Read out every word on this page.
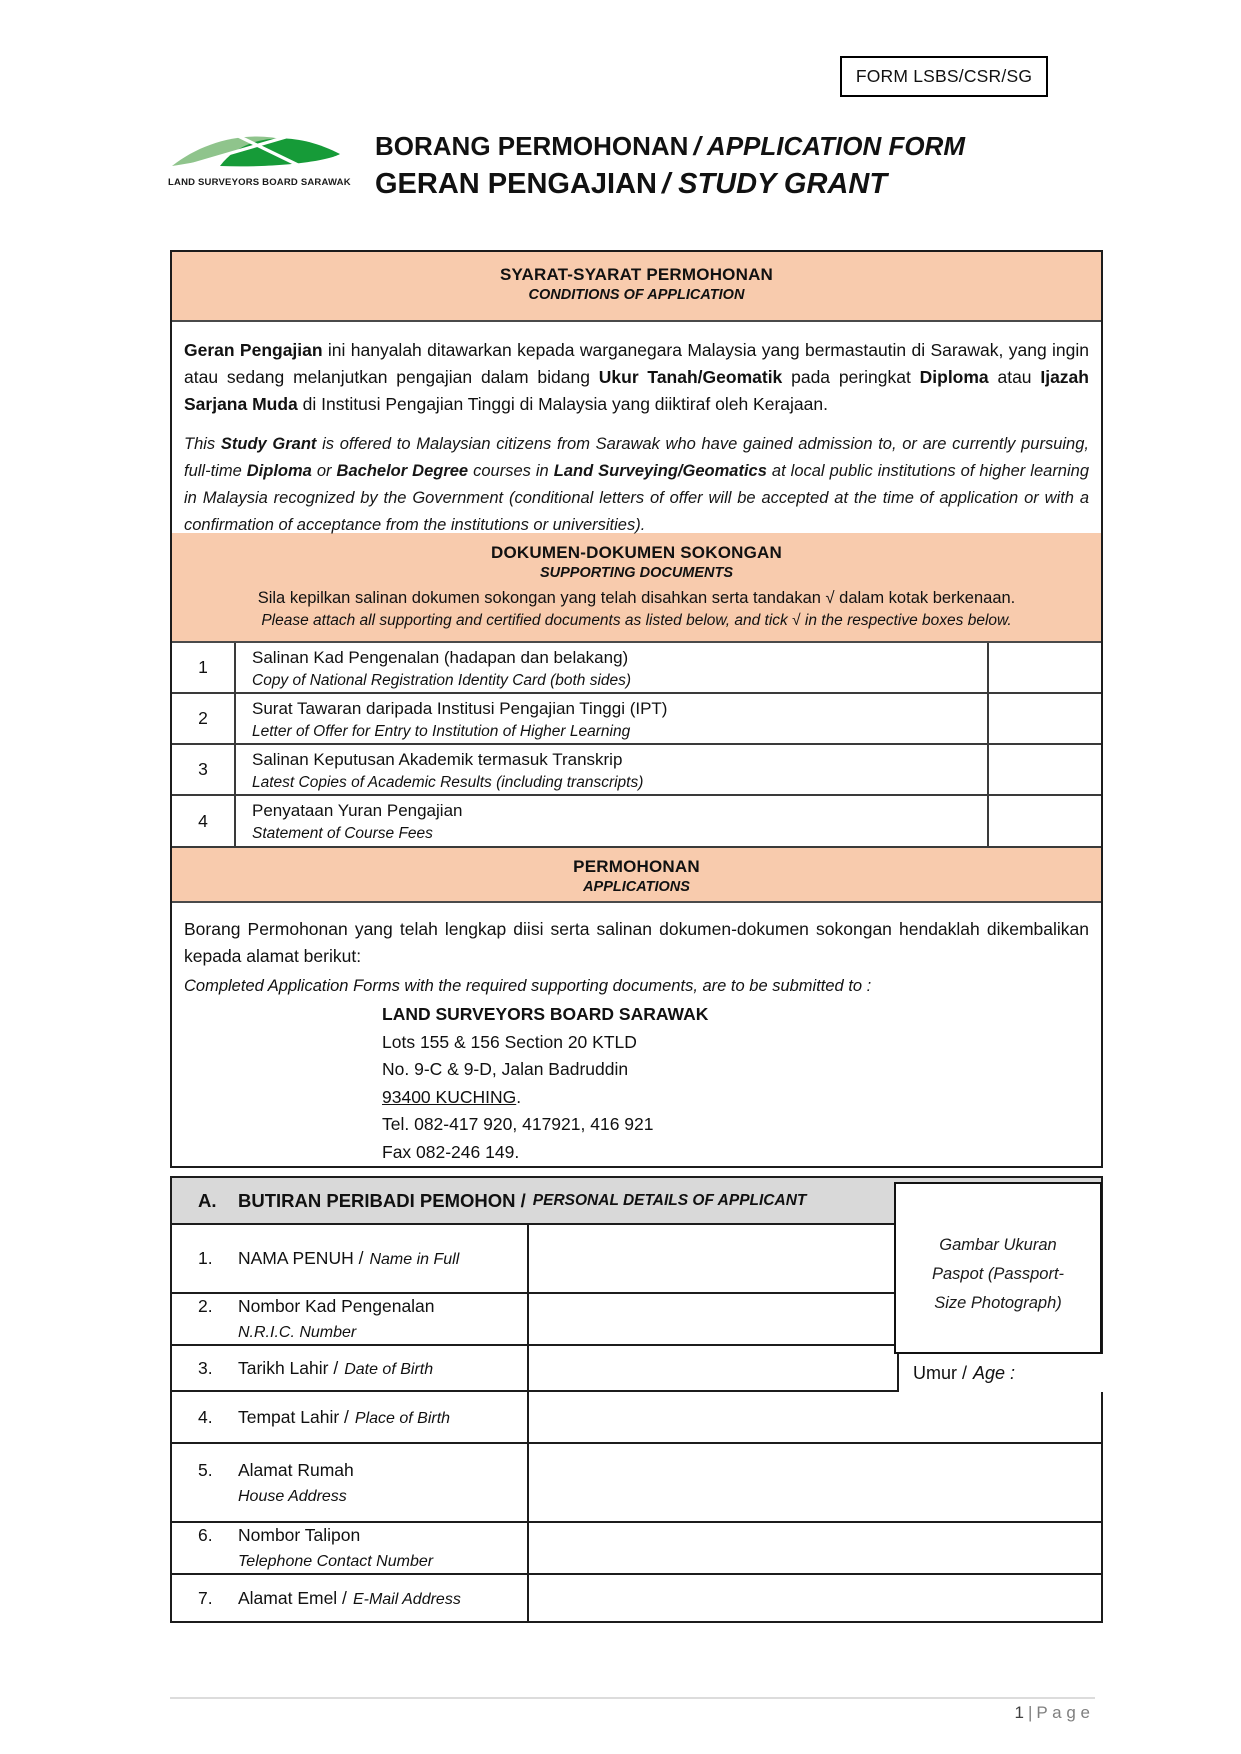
FORM LSBS/CSR/SG
LAND SURVEYORS BOARD SARAWAK
BORANG PERMOHONAN / APPLICATION FORM
GERAN PENGAJIAN / STUDY GRANT
SYARAT-SYARAT PERMOHONAN
CONDITIONS OF APPLICATION

Geran Pengajian ini hanyalah ditawarkan kepada warganegara Malaysia yang bermastautin di Sarawak, yang ingin atau sedang melanjutkan pengajian dalam bidang Ukur Tanah/Geomatik pada peringkat Diploma atau Ijazah Sarjana Muda di Institusi Pengajian Tinggi di Malaysia yang diiktiraf oleh Kerajaan.

This Study Grant is offered to Malaysian citizens from Sarawak who have gained admission to, or are currently pursuing, full-time Diploma or Bachelor Degree courses in Land Surveying/Geomatics at local public institutions of higher learning in Malaysia recognized by the Government (conditional letters of offer will be accepted at the time of application or with a confirmation of acceptance from the institutions or universities).

DOKUMEN-DOKUMEN SOKONGAN
SUPPORTING DOCUMENTS
Sila kepilkan salinan dokumen sokongan yang telah disahkan serta tandakan √ dalam kotak berkenaan.
Please attach all supporting and certified documents as listed below, and tick √ in the respective boxes below.
1	Salinan Kad Pengenalan (hadapan dan belakang)
Copy of National Registration Identity Card (both sides)
2	Surat Tawaran daripada Institusi Pengajian Tinggi (IPT)
Letter of Offer for Entry to Institution of Higher Learning
3	Salinan Keputusan Akademik termasuk Transkrip
Latest Copies of Academic Results (including transcripts)
4	Penyataan Yuran Pengajian
Statement of Course Fees
PERMOHONAN
APPLICATIONS

Borang Permohonan yang telah lengkap diisi serta salinan dokumen-dokumen sokongan hendaklah dikembalikan kepada alamat berikut:

Completed Application Forms with the required supporting documents, are to be submitted to :

LAND SURVEYORS BOARD SARAWAK
Lots 155 & 156 Section 20 KTLD
No. 9-C & 9-D, Jalan Badruddin
93400 KUCHING.
Tel. 082-417 920, 417921, 416 921
Fax 082-246 149.
A.	BUTIRAN PERIBADI PEMOHON / PERSONAL DETAILS OF APPLICANT
1.	NAMA PENUH / Name in Full
2.	Nombor Kad Pengenalan
N.R.I.C. Number
3.	Tarikh Lahir / Date of Birth
4.	Tempat Lahir / Place of Birth
5.	Alamat Rumah
House Address
6.	Nombor Talipon
Telephone Contact Number
7.	Alamat Emel / E-Mail Address
Gambar Ukuran Paspot (Passport-Size Photograph)
Umur / Age :
1 | P a g e
